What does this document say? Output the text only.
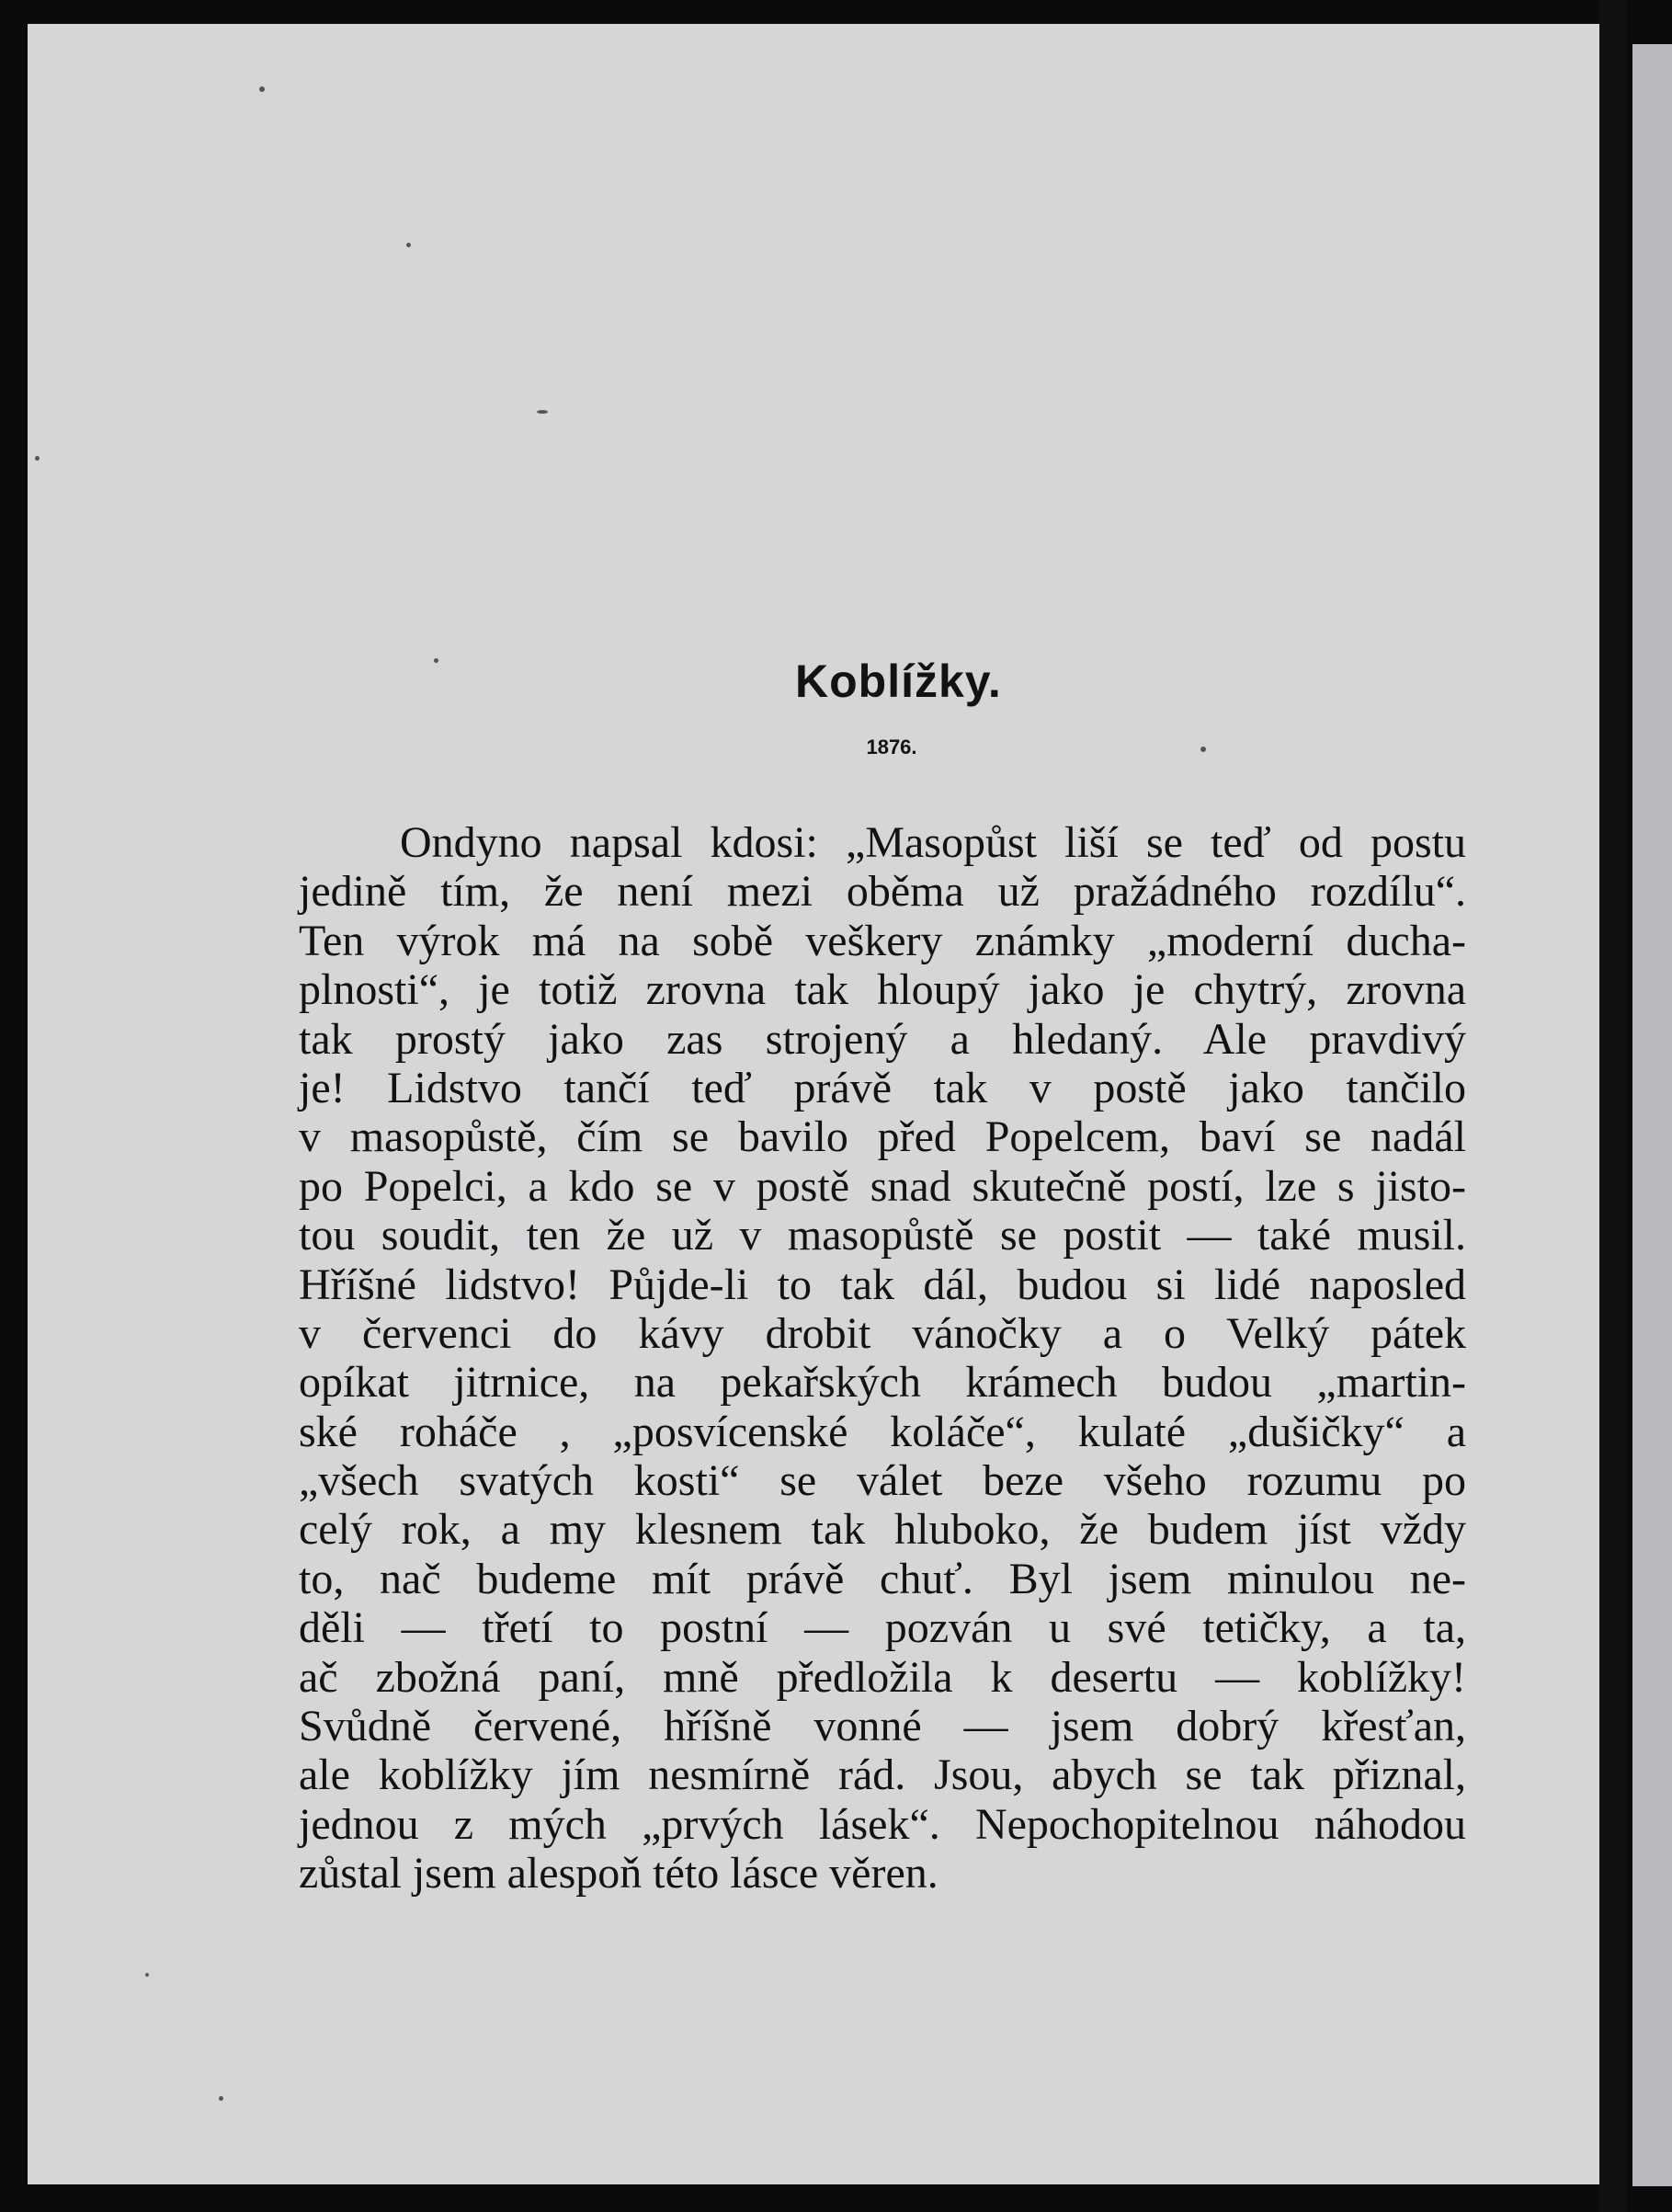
Koblížky.
1876.
Ondyno napsal kdosi: „Masopůst liší se teď od postu
jedině tím, že není mezi oběma už pražádného rozdílu“.
Ten výrok má na sobě veškery známky „moderní ducha-
plnosti“, je totiž zrovna tak hloupý jako je chytrý, zrovna
tak prostý jako zas strojený a hledaný. Ale pravdivý
je! Lidstvo tančí teď právě tak v postě jako tančilo
v masopůstě, čím se bavilo před Popelcem, baví se nadál
po Popelci, a kdo se v postě snad skutečně postí, lze s jisto-
tou soudit, ten že už v masopůstě se postit — také musil.
Hříšné lidstvo! Půjde-li to tak dál, budou si lidé naposled
v červenci do kávy drobit vánočky a o Velký pátek
opíkat jitrnice, na pekařských krámech budou „martin-
ské roháče , „posvícenské koláče“, kulaté „dušičky“ a
„všech svatých kosti“ se válet beze všeho rozumu po
celý rok, a my klesnem tak hluboko, že budem jíst vždy
to, nač budeme mít právě chuť. Byl jsem minulou ne-
děli — třetí to postní — pozván u své tetičky, a ta,
ač zbožná paní, mně předložila k desertu — koblížky!
Svůdně červené, hříšně vonné — jsem dobrý křesťan,
ale koblížky jím nesmírně rád. Jsou, abych se tak přiznal,
jednou z mých „prvých lásek“. Nepochopitelnou náhodou
zůstal jsem alespoň této lásce věren.
